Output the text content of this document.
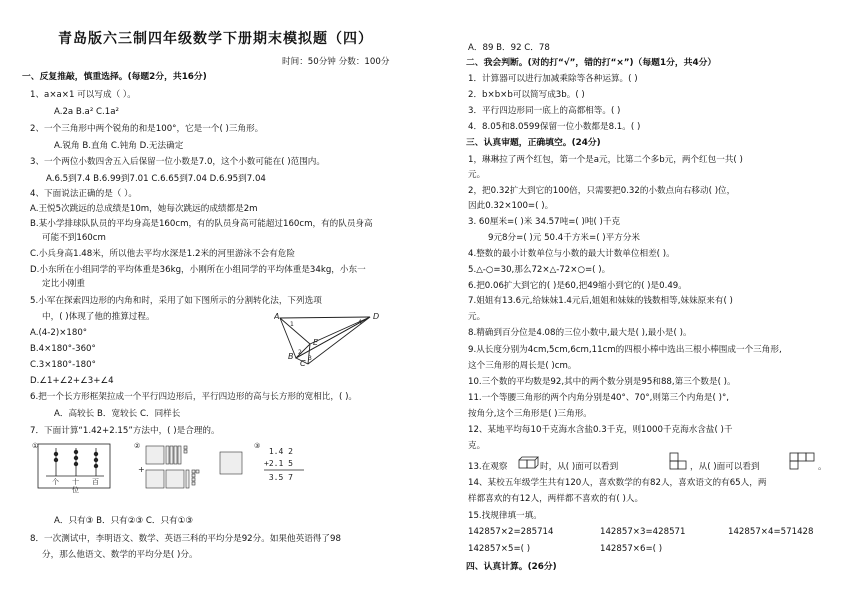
青岛版六三制四年级数学下册期末模拟题（四）
时间：50分钟 分数：100分
一、反复推敲，慎重选择。(每题2分，共16分)
1、a×a×1 可以写成（ ）。
A.2a B.a² C.1a²
2、一个三角形中两个锐角的和是100°，它是一个( )三角形。
A.锐角 B.直角 C.钝角 D.无法确定
3、一个两位小数四舍五入后保留一位小数是7.0，这个小数可能在( )范围内。
A.6.5到7.4 B.6.99到7.01 C.6.65到7.04 D.6.95到7.04
4、下面说法正确的是（ ）。
A.王悦5次跳远的总成绩是10m，她每次跳远的成绩都是2m
B.某小学排球队队员的平均身高是160cm，有的队员身高可能超过160cm，有的队员身高
可能不到160cm
C.小兵身高1.48米，所以他去平均水深是1.2米的河里游泳不会有危险
D.小东所在小组同学的平均体重是36kg，小刚所在小组同学的平均体重是34kg，小东一
定比小刚重
5.小军在探索四边形的内角和时，采用了如下图所示的分割转化法，下列选项
中，( )体现了他的推算过程。
A.(4-2)×180°
B.4×180°-360°
C.3×180°-180°
D.∠1+∠2+∠3+∠4
A	D
B
C
E
1
2
3
4
6.把一个长方形框架拉成一个平行四边形后，平行四边形的高与长方形的宽相比，( )。
A．高较长 B．宽较长 C．同样长
7．下面计算“1.42+2.15”方法中，( )是合理的。
①
个 十 百
位
②	③
+
1.4 2
+2.1 5
3.5 7
A．只有③ B．只有②③ C．只有①③
8．一次测试中，李明语文、数学、英语三科的平均分是92分。如果他英语得了98
分，那么他语文、数学的平均分是( )分。
A．89 B．92 C．78
二、我会判断。(对的打“√”，错的打“×”)（每题1分，共4分）
1．计算器可以进行加减乘除等各种运算。( )
2．b×b×b可以简写成3b。( )
3．平行四边形同一底上的高都相等。( )
4．8.05和8.0599保留一位小数都是8.1。( )
三、认真审题，正确填空。(24分)
1，琳琳拉了两个红包，第一个是a元，比第二个多b元，两个红包一共( )
元。
2，把0.32扩大到它的100倍，只需要把0.32的小数点向右移动( )位，
因此0.32×100=( )。
3. 60厘米=( )米 34.57吨=( )吨( )千克
9元8分=( )元 50.4千方米=( )平方分米
4.整数的最小计数单位与小数的最大计数单位相差( )。
5.△-○=30,那么72×△-72×○=( )。
6.把0.06扩大到它的( )是60,把49缩小到它的( )是0.49。
7.姐姐有13.6元,给妹妹1.4元后,姐姐和妹妹的钱数相等,妹妹原来有( )
元。
8.精确到百分位是4.08的三位小数中,最大是( ),最小是( )。
9.从长度分别为4cm,5cm,6cm,11cm的四根小棒中选出三根小棒围成一个三角形,
这个三角形的周长是( )cm。
10.三个数的平均数是92,其中的两个数分别是95和88,第三个数是( )。
11.一个等腰三角形的两个内角分别是40°、70°,则第三个内角是( )°,
按角分,这个三角形是( )三角形。
12、某地平均每10千克海水含盐0.3千克，则1000千克海水含盐( )千
克。
13.在观察	时，从( )面可以看到	，从( )面可以看到	。
14、某校五年级学生共有120人，喜欢数学的有82人，喜欢语文的有65人，两
样都喜欢的有12人，两样都不喜欢的有( )人。
15.找规律填一填。
142857×2=285714	142857×3=428571	142857×4=571428
142857×5=( )	142857×6=( )
四、认真计算。(26分)
